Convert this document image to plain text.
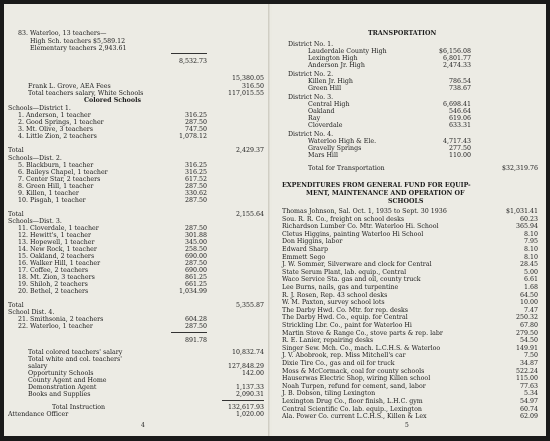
83. Waterloo, 13 teachers—
High Sch. teachers $5,589.12
Elementary teachers 2,943.61
8,532.73
15,380.05
Frank L. Grove, AEA Fees	316.50
Total teachers salary, White Schools	117,015.55
Colored Schools
Schools—District 1.
1. Anderson, 1 teacher	316.25
2. Good Springs, 1 teacher	287.50
3. Mt. Olive, 3 teachers	747.50
4. Little Zion, 2 teachers	1,078.12
Total	2,429.37
Schools—Dist. 2.
5. Blackburn, 1 teacher	316.25
6. Baileys Chapel, 1 teacher	316.25
7. Center Star, 2 teachers	617.52
8. Green Hill, 1 teacher	287.50
9. Killen, 1 teacher	330.62
10. Pisgah, 1 teacher	287.50
Total	2,155.64
Schools—Dist. 3.
11. Cloverdale, 1 teacher	287.50
12. Hewitt's, 1 teacher	301.88
13. Hopewell, 1 teacher	345.00
14. New Rock, 1 teacher	258.50
15. Oakland, 2 teachers	690.00
16. Walker Hill, 1 teacher	287.50
17. Coffee, 2 teachers	690.00
18. Mt. Zion, 3 teachers	861.25
19. Shiloh, 2 teachers	661.25
20. Bethel, 2 teachers	1,034.99
Total	5,355.87
School Dist. 4.
21. Smithsonia, 2 teachers	604.28
22. Waterloo, 1 teacher	287.50
891.78
Total colored teachers' salary	10,832.74
Total white and col. teachers'
salary	127,848.29
Opportunity Schools	142.00
County Agent and Home
Demonstration Agent	1,137.33
Books and Supplies	2,090.31
Total Instruction	132,617.93
Attendance Officer	1,020.00
4
TRANSPORTATION
District No. 1.
Lauderdale County High	$6,156.08
Lexington High	6,801.77
Anderson Jr. High	2,474.33
District No. 2.
Killen Jr. High	786.54
Green Hill	738.67
District No. 3.
Central High	6,698.41
Oakland	546.64
Ray	619.06
Cloverdale	633.31
District No. 4.
Waterloo High & Ele.	4,717.43
Gravelly Springs	277.50
Mars Hill	110.00
Total for Transportation	$32,319.76
EXPENDITURES FROM GENERAL FUND FOR EQUIP-
MENT, MAINTENANCE AND OPERATION OF
SCHOOLS
Thomas Johnson, Sal. Oct. 1, 1935 to Sept. 30 1936	$1,031.41
Sou. R. R. Co., freight on school desks	60.23
Richardson Lumber Co. Mtr. Waterloo Hi. School	365.94
Cletus Higgins, painting Waterloo Hi School	8.10
Don Higgins, labor	7.95
Edward Sharp	8.10
Emmett Sego	8.10
J. W. Sommer, Silverware and clock for Central	28.45
State Serum Plant, lab. equip., Central	5.00
Waco Service Sta. gas and oil, county truck	6.61
Lee Burns, nails, gas and turpentine	1.68
R. J. Rosen, Rep. 43 school desks	64.50
W. M. Paxton, survey school lots	10.00
The Darby Hwd. Co. Mtr. for rep. desks	7.47
The Darby Hwd. Co., equip. for Central	250.32
Strickling Lbr. Co., paint for Waterloo Hi	67.80
Martin Stove & Range Co., stove parts & rep. labr	279.50
R. E. Lanier, repairing desks	54.50
Singer Sew. Mch. Co., mach. L.C.H.S. & Waterloo	149.91
J. V. Abobrook, rep. Miss Mitchell's car	7.50
Dixie Tire Co., gas and oil for truck	34.87
Moss & McCormack, coal for county schools	522.24
Hauserwas Electric Shop, wiring Killen school	115.00
Noah Turpen, refund for cement, sand, labor	77.63
J. B. Dobson, tiling Lexington	5.34
Lexington Drug Co., floor finish, L.H.C. gym	54.97
Central Scientific Co. lab. equip., Lexington	60.74
Ala. Power Co. current L.C.H.S., Killen & Lex	62.09
5
